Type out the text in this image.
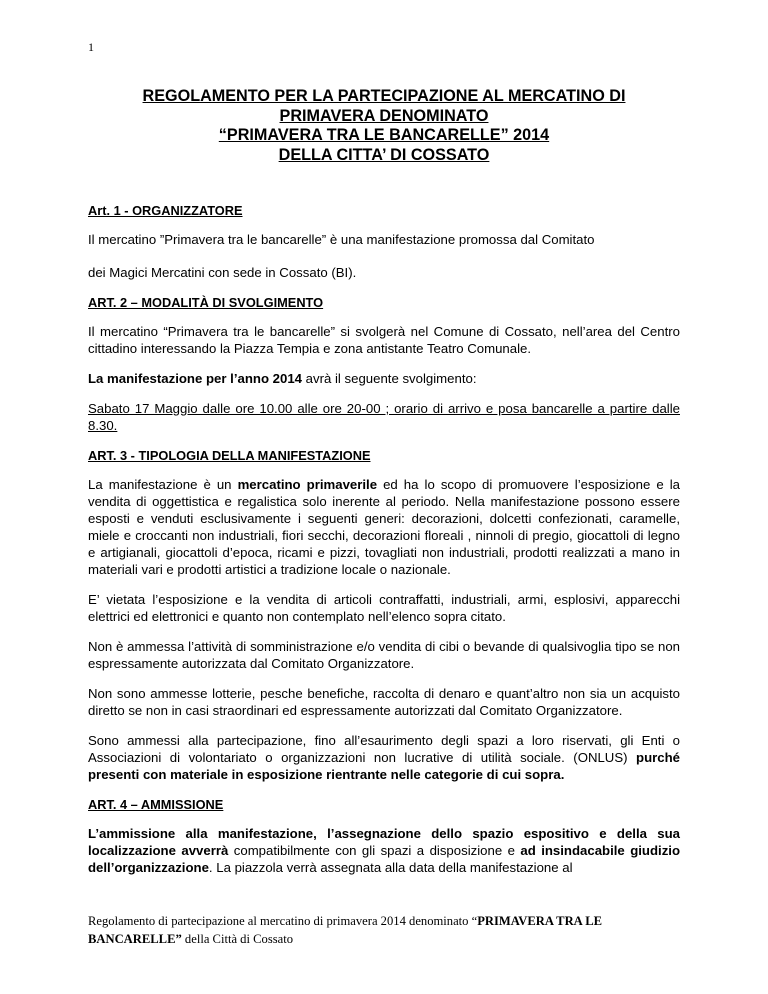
1
REGOLAMENTO PER LA PARTECIPAZIONE AL MERCATINO DI
PRIMAVERA DENOMINATO
“PRIMAVERA TRA LE BANCARELLE” 2014
DELLA CITTA’ DI COSSATO
Art. 1 - ORGANIZZATORE

Il mercatino ”Primavera tra le bancarelle” è una manifestazione promossa dal Comitato

dei Magici Mercatini con sede in Cossato (BI).

ART. 2 – MODALITÀ DI SVOLGIMENTO

Il mercatino “Primavera tra le bancarelle” si svolgerà nel Comune di Cossato, nell’area del Centro cittadino interessando la Piazza Tempia e zona antistante Teatro Comunale.

La manifestazione per l’anno 2014 avrà il seguente svolgimento:

Sabato 17 Maggio dalle ore 10.00 alle ore 20-00 ; orario di arrivo e posa bancarelle a partire dalle 8.30.

ART. 3 - TIPOLOGIA DELLA MANIFESTAZIONE

La manifestazione è un mercatino primaverile ed ha lo scopo di promuovere l’esposizione e la vendita di oggettistica e regalistica solo inerente al periodo. Nella manifestazione possono essere esposti e venduti esclusivamente i seguenti generi: decorazioni, dolcetti confezionati, caramelle, miele e croccanti non industriali, fiori secchi, decorazioni floreali , ninnoli di pregio, giocattoli di legno e artigianali, giocattoli d’epoca, ricami e pizzi, tovagliati non industriali, prodotti realizzati a mano in materiali vari e prodotti artistici a tradizione locale o nazionale.

E’ vietata l’esposizione e la vendita di articoli contraffatti, industriali, armi, esplosivi, apparecchi elettrici ed elettronici e quanto non contemplato nell’elenco sopra citato.

Non è ammessa l’attività di somministrazione e/o vendita di cibi o bevande di qualsivoglia tipo se non espressamente autorizzata dal Comitato Organizzatore.

Non sono ammesse lotterie, pesche benefiche, raccolta di denaro e quant’altro non sia un acquisto diretto se non in casi straordinari ed espressamente autorizzati dal Comitato Organizzatore.

Sono ammessi alla partecipazione, fino all’esaurimento degli spazi a loro riservati, gli Enti o Associazioni di volontariato o organizzazioni non lucrative di utilità sociale. (ONLUS) purché presenti con materiale in esposizione rientrante nelle categorie di cui sopra.

ART. 4 – AMMISSIONE

L’ammissione alla manifestazione, l’assegnazione dello spazio espositivo e della sua localizzazione avverrà compatibilmente con gli spazi a disposizione e ad insindacabile giudizio dell’organizzazione. La piazzola verrà assegnata alla data della manifestazione al

Regolamento di partecipazione al mercatino di primavera 2014 denominato “PRIMAVERA TRA LE BANCARELLE” della Città di Cossato
